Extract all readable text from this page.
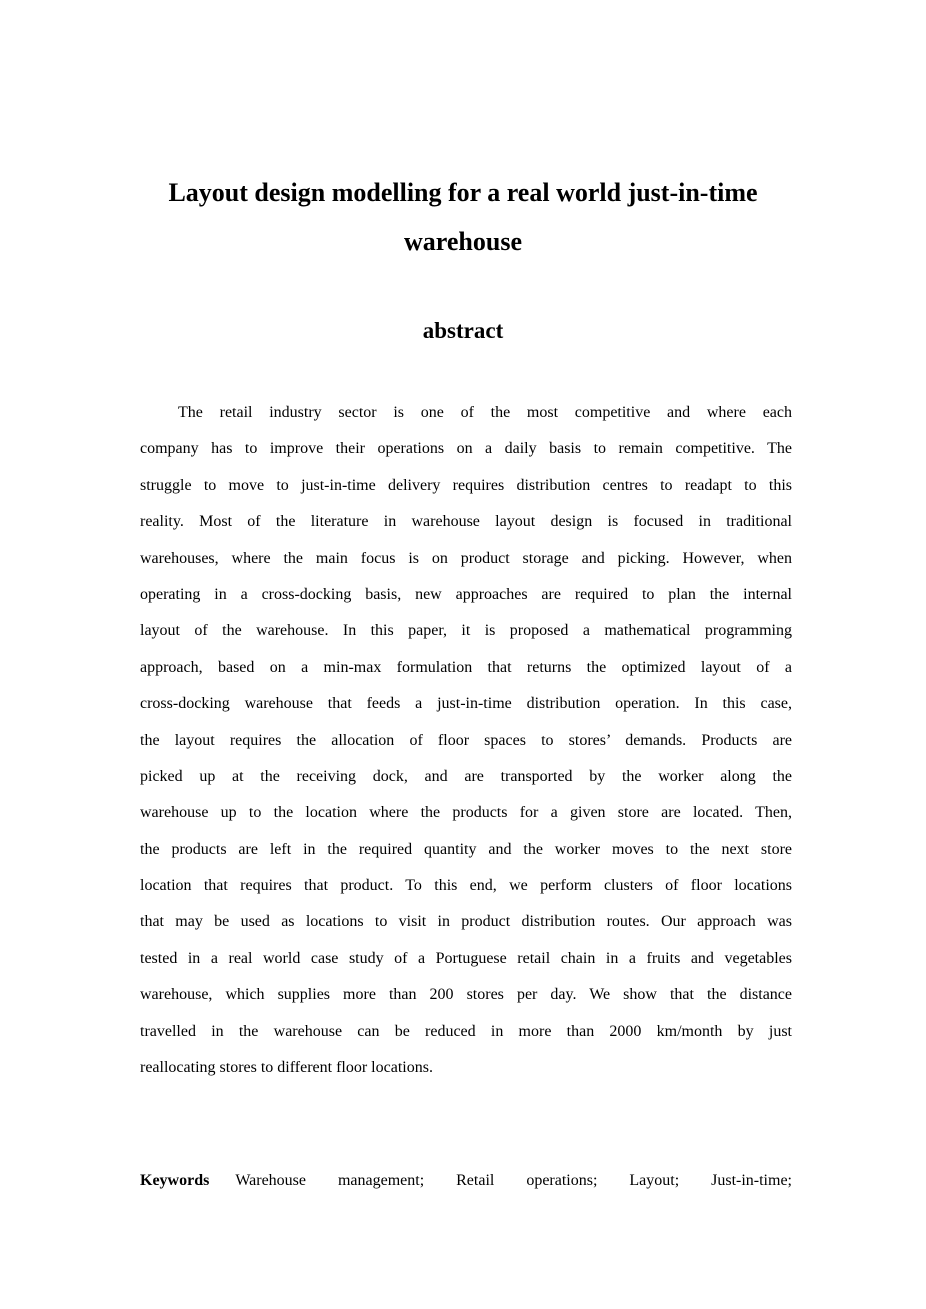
Layout design modelling for a real world just-in-time
warehouse
abstract
The retail industry sector is one of the most competitive and where each
company has to improve their operations on a daily basis to remain competitive. The
struggle to move to just-in-time delivery requires distribution centres to readapt to this
reality. Most of the literature in warehouse layout design is focused in traditional
warehouses, where the main focus is on product storage and picking. However, when
operating in a cross-docking basis, new approaches are required to plan the internal
layout of the warehouse. In this paper, it is proposed a mathematical programming
approach, based on a min-max formulation that returns the optimized layout of a
cross-docking warehouse that feeds a just-in-time distribution operation. In this case,
the layout requires the allocation of floor spaces to stores’ demands. Products are
picked up at the receiving dock, and are transported by the worker along the
warehouse up to the location where the products for a given store are located. Then,
the products are left in the required quantity and the worker moves to the next store
location that requires that product. To this end, we perform clusters of floor locations
that may be used as locations to visit in product distribution routes. Our approach was
tested in a real world case study of a Portuguese retail chain in a fruits and vegetables
warehouse, which supplies more than 200 stores per day. We show that the distance
travelled in the warehouse can be reduced in more than 2000 km/month by just
reallocating stores to different floor locations.
Keywords Warehouse management; Retail operations; Layout; Just-in-time;
